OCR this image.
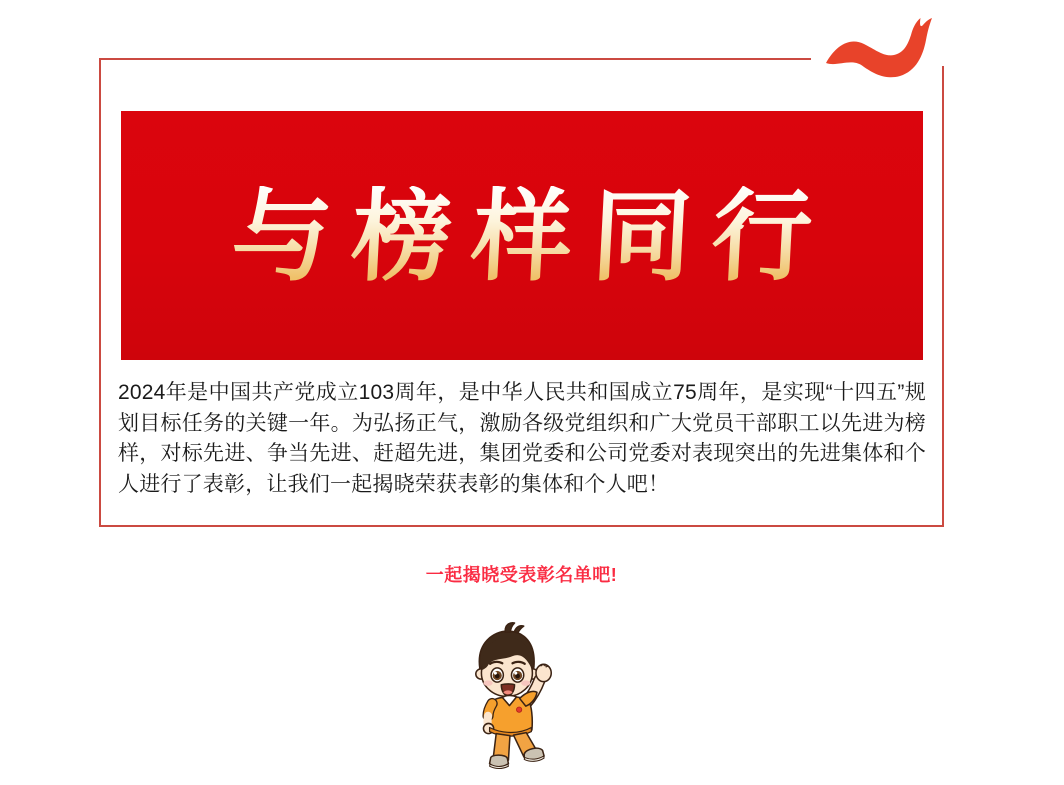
与榜样同行

2024年是中国共产党成立103周年，是中华人民共和国成立75周年，是实现“十四五”规划目标任务的关键一年。为弘扬正气，激励各级党组织和广大党员干部职工以先进为榜样，对标先进、争当先进、赶超先进，集团党委和公司党委对表现突出的先进集体和个人进行了表彰，让我们一起揭晓荣获表彰的集体和个人吧！

一起揭晓受表彰名单吧!
